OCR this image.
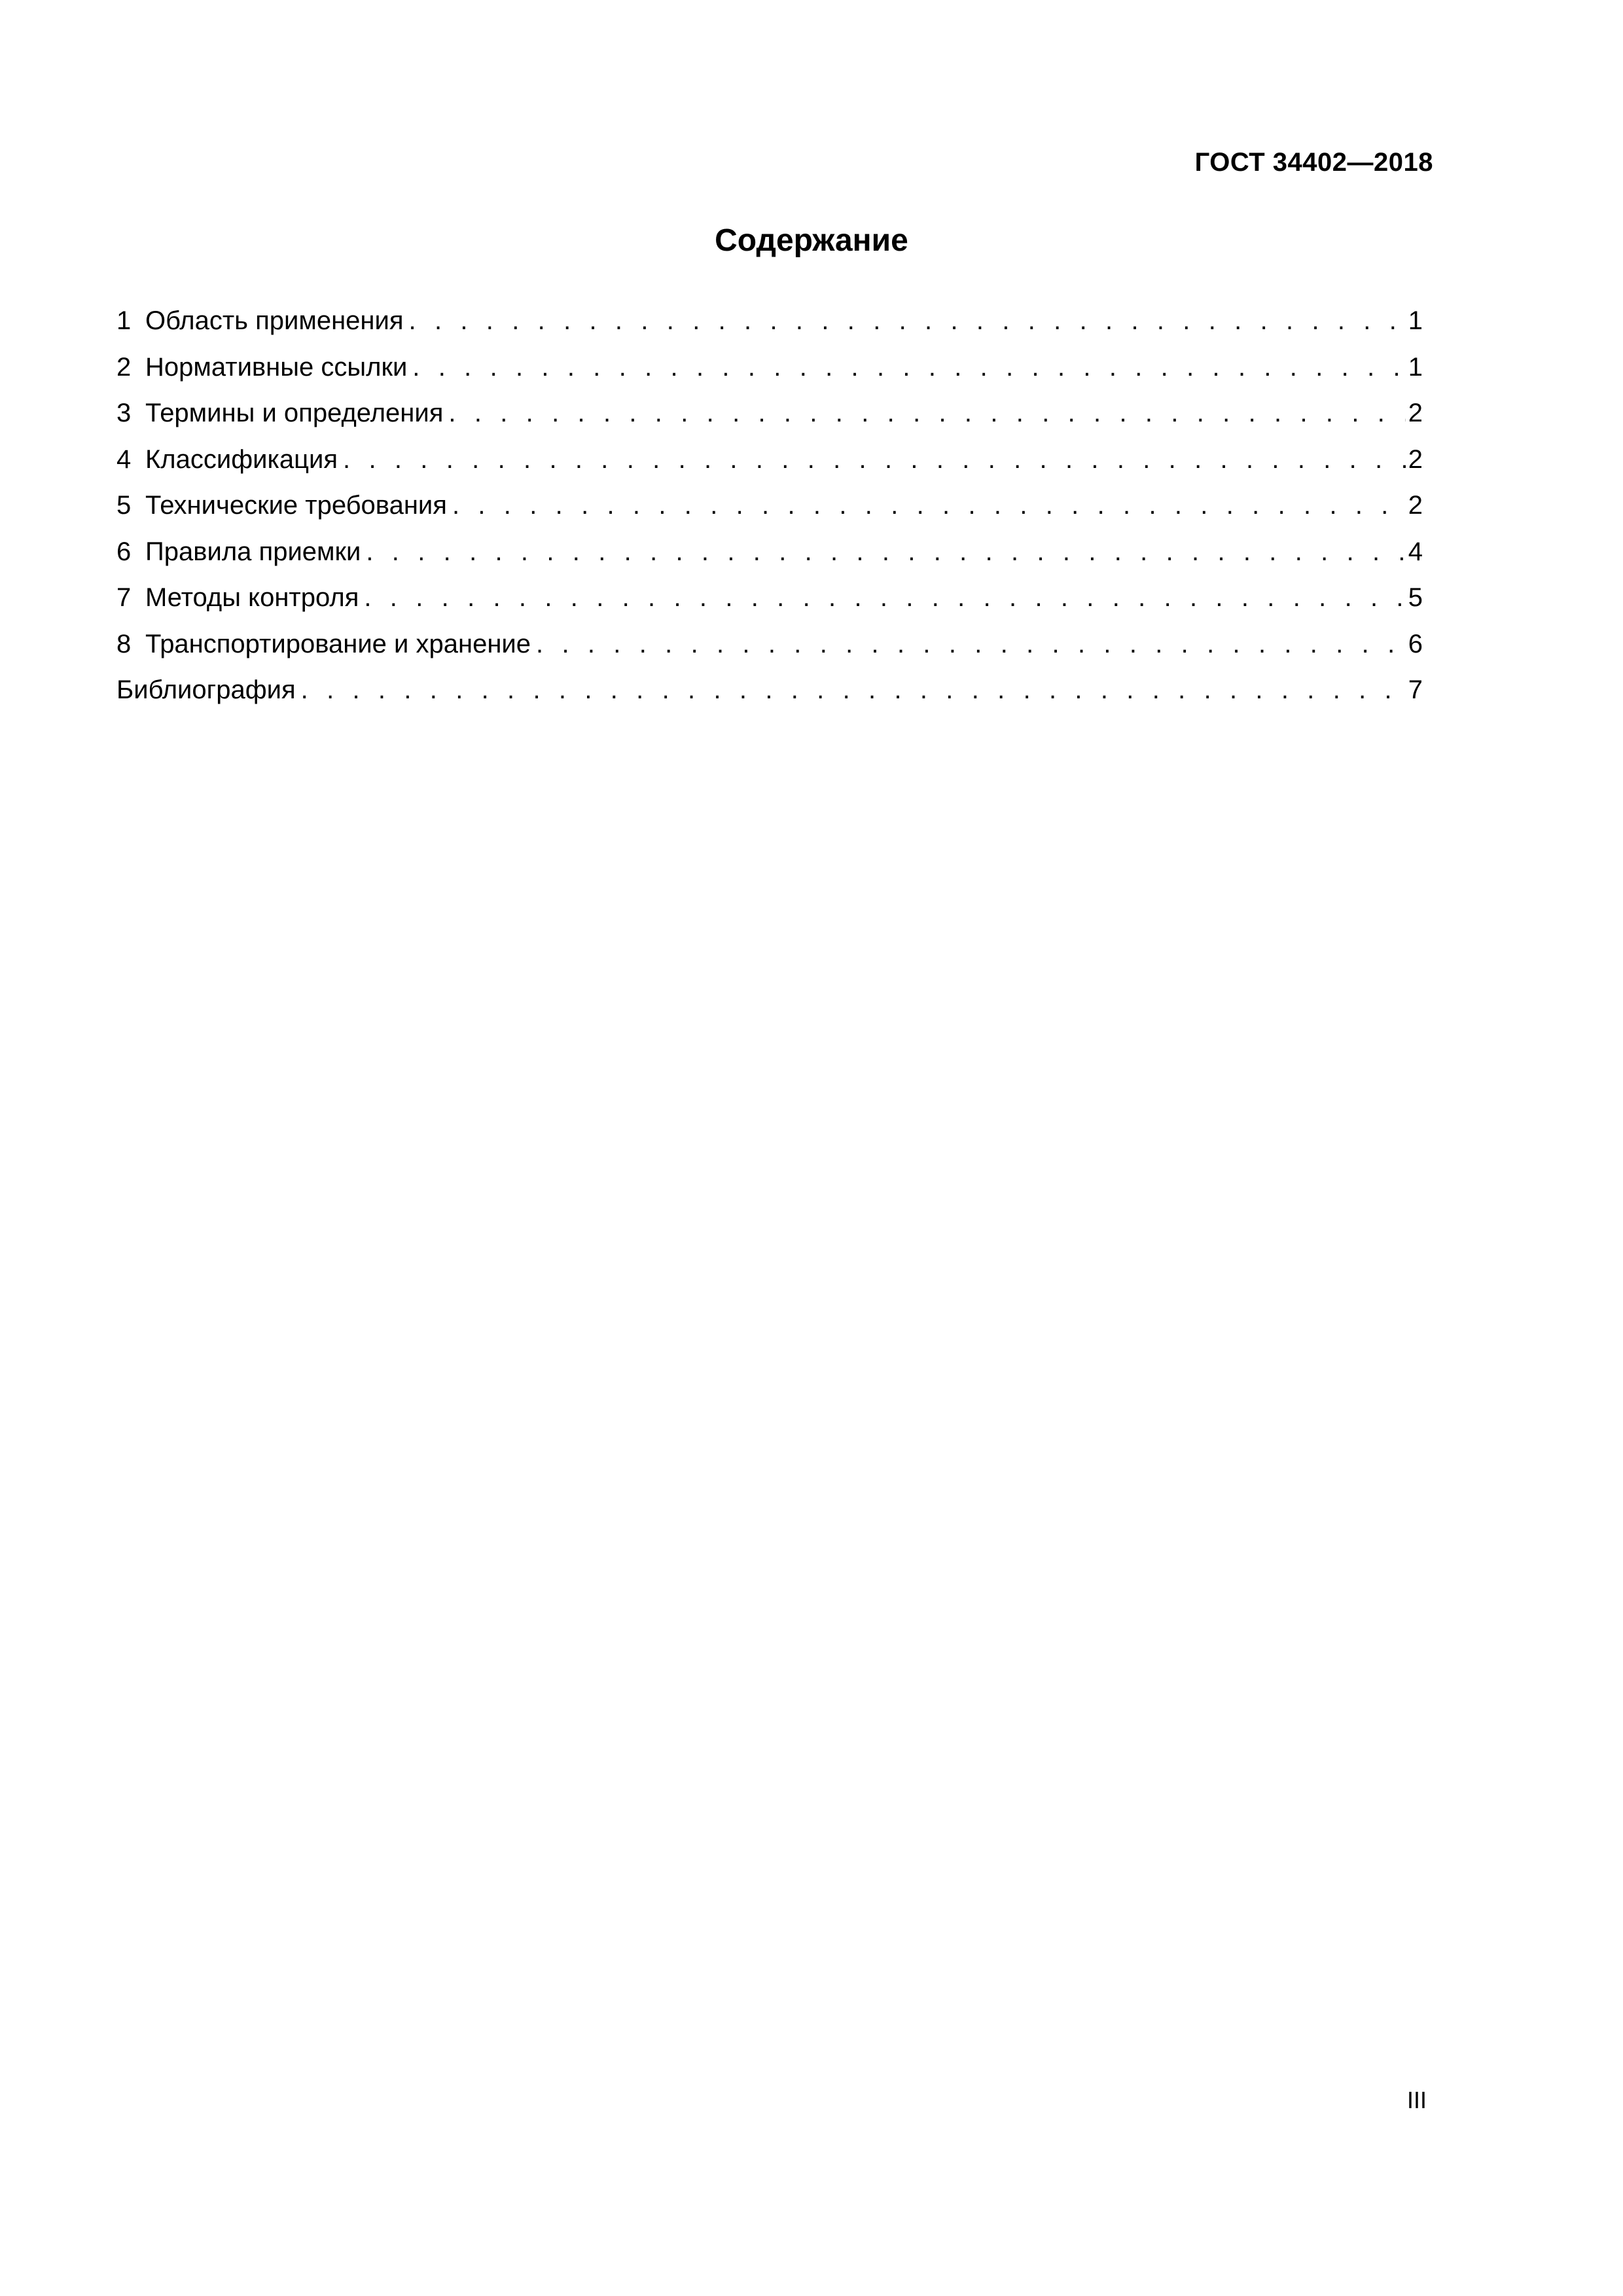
ГОСТ 34402—2018
Содержание
1 Область применения . . .	1
2 Нормативные ссылки . . .	1
3 Термины и определения . . .	2
4 Классификация . . .	2
5 Технические требования . . .	2
6 Правила приемки . . .	4
7 Методы контроля . . .	5
8 Транспортирование и хранение . . .	6
Библиография . . .	7
III
